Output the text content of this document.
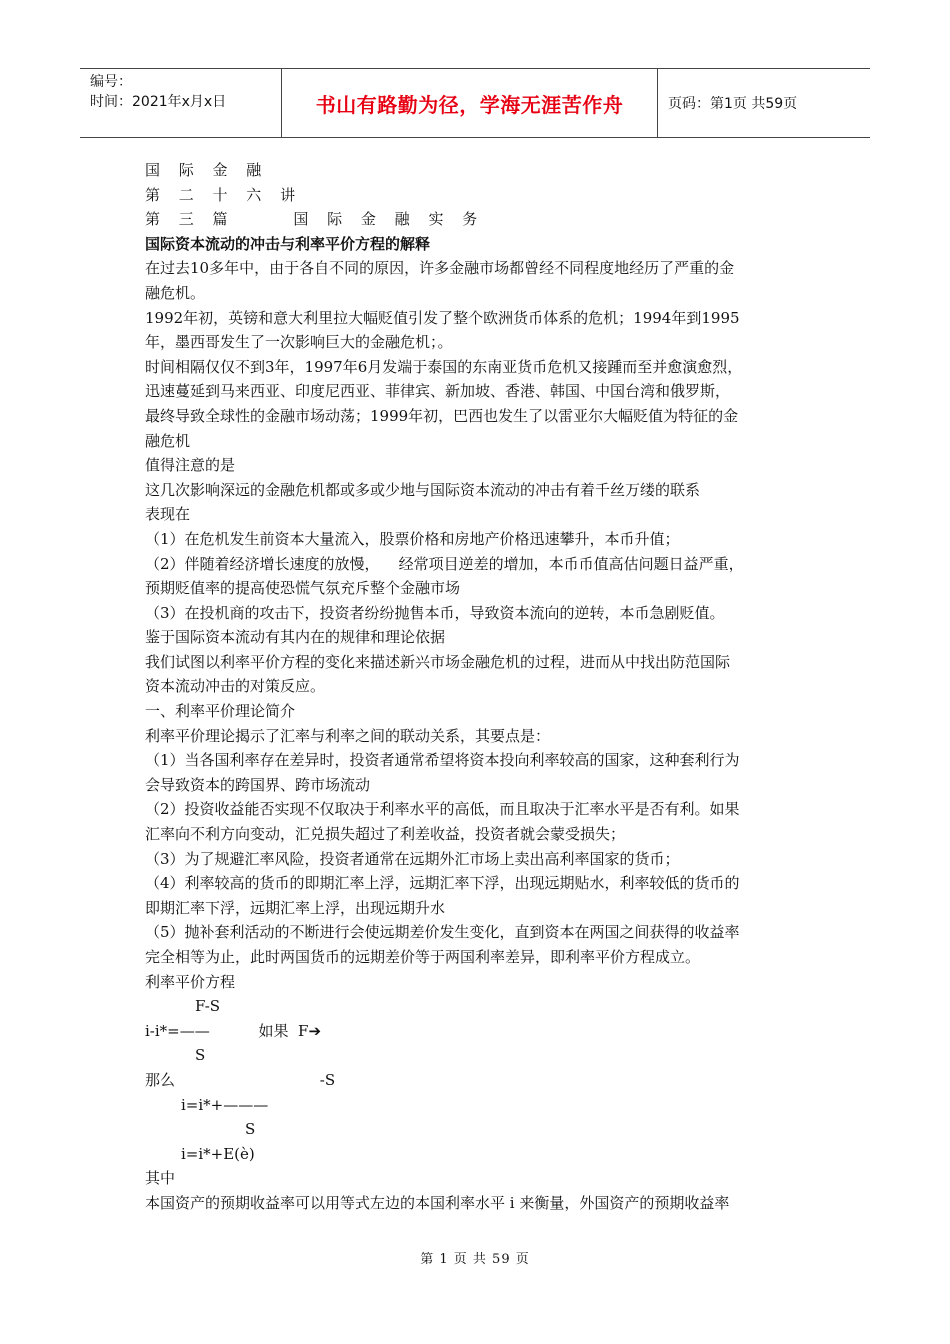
编号：
时间：2021年x月x日	书山有路勤为径，学海无涯苦作舟	页码：第1页 共59页
国 际 金 融
第 二 十 六 讲
第 三 篇     国 际 金 融 实 务
国际资本流动的冲击与利率平价方程的解释
在过去10多年中，由于各自不同的原因，许多金融市场都曾经不同程度地经历了严重的金
融危机。
1992年初，英镑和意大利里拉大幅贬值引发了整个欧洲货币体系的危机；1994年到1995
年，墨西哥发生了一次影响巨大的金融危机；。
时间相隔仅仅不到3年，1997年6月发端于泰国的东南亚货币危机又接踵而至并愈演愈烈，
迅速蔓延到马来西亚、印度尼西亚、菲律宾、新加坡、香港、韩国、中国台湾和俄罗斯，
最终导致全球性的金融市场动荡；1999年初，巴西也发生了以雷亚尔大幅贬值为特征的金
融危机
值得注意的是
这几次影响深远的金融危机都或多或少地与国际资本流动的冲击有着千丝万缕的联系
表现在
（1）在危机发生前资本大量流入，股票价格和房地产价格迅速攀升，本币升值；
（2）伴随着经济增长速度的放慢，    经常项目逆差的增加，本币币值高估问题日益严重，
预期贬值率的提高使恐慌气氛充斥整个金融市场
（3）在投机商的攻击下，投资者纷纷抛售本币，导致资本流向的逆转，本币急剧贬值。
鉴于国际资本流动有其内在的规律和理论依据
我们试图以利率平价方程的变化来描述新兴市场金融危机的过程，进而从中找出防范国际
资本流动冲击的对策反应。
一、利率平价理论简介
利率平价理论揭示了汇率与利率之间的联动关系，其要点是：
（1）当各国利率存在差异时，投资者通常希望将资本投向利率较高的国家，这种套利行为
会导致资本的跨国界、跨市场流动
（2）投资收益能否实现不仅取决于利率水平的高低，而且取决于汇率水平是否有利。如果
汇率向不利方向变动，汇兑损失超过了利差收益，投资者就会蒙受损失；
（3）为了规避汇率风险，投资者通常在远期外汇市场上卖出高利率国家的货币；
（4）利率较高的货币的即期汇率上浮，远期汇率下浮，出现远期贴水，利率较低的货币的
即期汇率下浮，远期汇率上浮，出现远期升水
（5）抛补套利活动的不断进行会使远期差价发生变化，直到资本在两国之间获得的收益率
完全相等为止，此时两国货币的远期差价等于两国利率差异，即利率平价方程成立。
利率平价方程
F-S
i-i*=——	如果  F➔
S
那么	-S
i=i*+———
S
i=i*+E(è)
其中
本国资产的预期收益率可以用等式左边的本国利率水平 i 来衡量，外国资产的预期收益率
第 1 页 共 59 页
